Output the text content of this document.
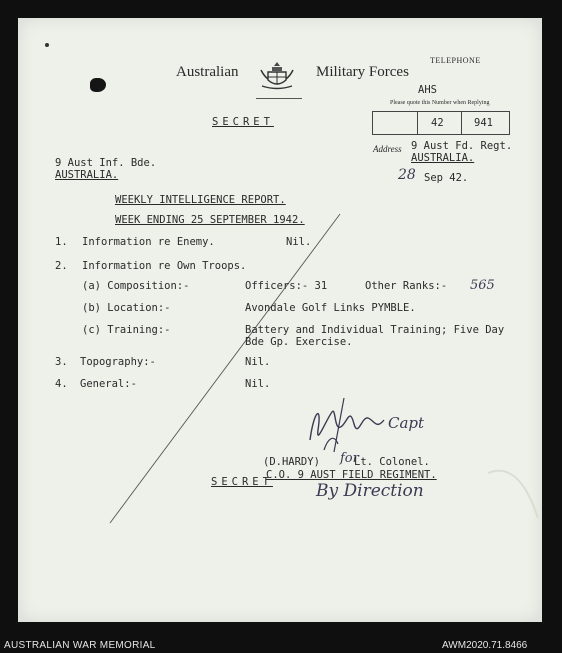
Australian	Military Forces
TELEPHONE
AHS
Please quote this Number when Replying
42	941
SECRET
Address 9 Aust Fd. Regt.
AUSTRALIA.
28 Sep 42.
9 Aust Inf. Bde.
AUSTRALIA.
WEEKLY INTELLIGENCE REPORT.
WEEK ENDING 25 SEPTEMBER 1942.
1. Information re Enemy.	Nil.
2. Information re Own Troops.
(a) Composition:-	Officers:- 31	Other Ranks:- 565
(b) Location:-	Avondale Golf Links PYMBLE.
(c) Training:-	Battery and Individual Training; Five Day
Bde Gp. Exercise.
3. Topography:-	Nil.
4. General:-	Nil.
Capt
(D.HARDY) for
Lt. Colonel.
C.O. 9 AUST FIELD REGIMENT.
SECRET	By Direction
AUSTRALIAN WAR MEMORIAL	AWM2020.71.8466
